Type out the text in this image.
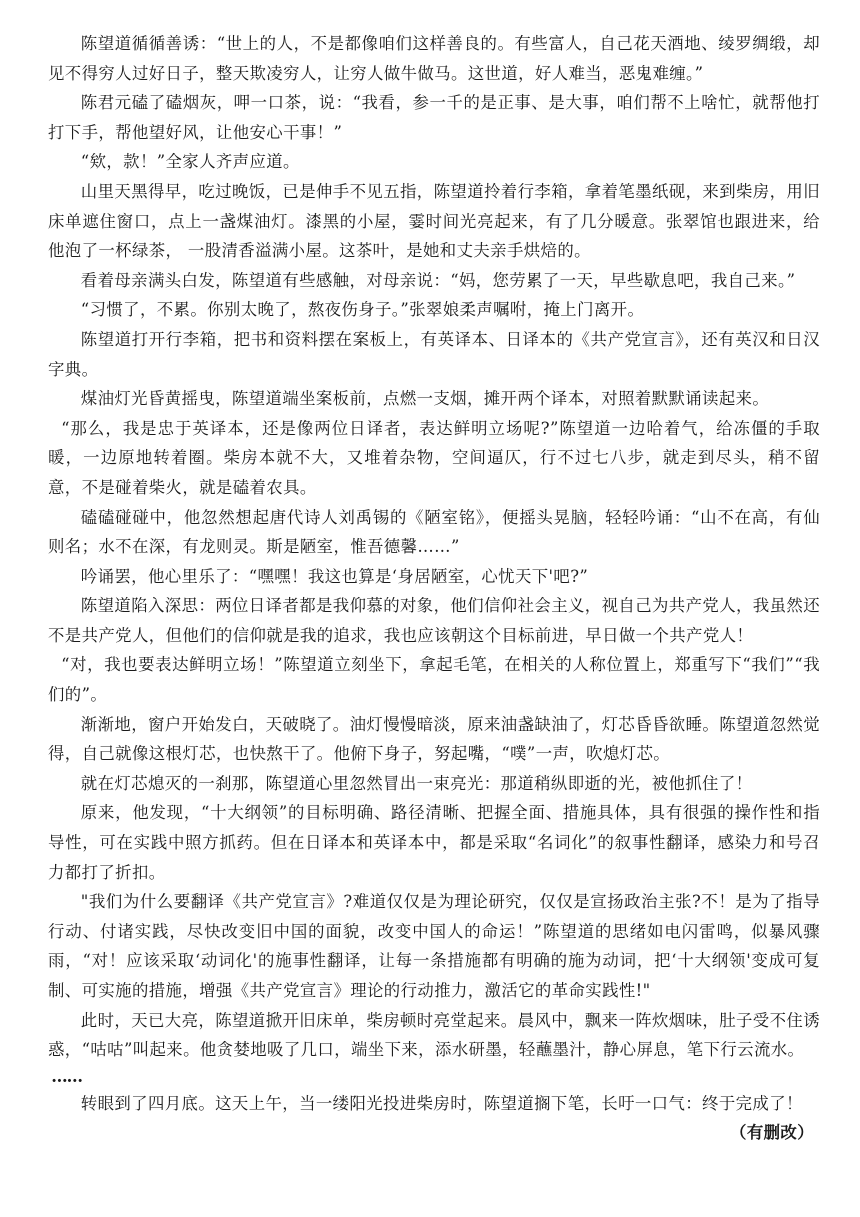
陈望道循循善诱：“世上的人，不是都像咱们这样善良的。有些富人，自己花天酒地、绫罗绸缎，却见不得穷人过好日子，整天欺凌穷人，让穷人做牛做马。这世道，好人难当，恶鬼难缠。”

陈君元磕了磕烟灰，呷一口茶，说：“我看，参一千的是正事、是大事，咱们帮不上啥忙，就帮他打打下手，帮他望好风，让他安心干事！”

“欸，款！”全家人齐声应道。

山里天黑得早，吃过晚饭，已是伸手不见五指，陈望道拎着行李箱，拿着笔墨纸砚，来到柴房，用旧床单遮住窗口，点上一盏煤油灯。漆黑的小屋，霎时间光亮起来，有了几分暖意。张翠馆也跟进来，给他泡了一杯绿茶， 一股清香溢满小屋。这茶叶，是她和丈夫亲手烘焙的。

看着母亲满头白发，陈望道有些感触，对母亲说：“妈，您劳累了一天，早些歇息吧，我自己来。”

“习惯了，不累。你别太晚了，熬夜伤身子。”张翠娘柔声嘱咐，掩上门离开。

陈望道打开行李箱，把书和资料摆在案板上，有英译本、日译本的《共产党宣言》，还有英汉和日汉字典。

煤油灯光昏黄摇曳，陈望道端坐案板前，点燃一支烟，摊开两个译本，对照着默默诵读起来。

“那么，我是忠于英译本，还是像两位日译者，表达鲜明立场呢?”陈望道一边哈着气，给冻僵的手取暖，一边原地转着圈。柴房本就不大，又堆着杂物，空间逼仄，行不过七八步，就走到尽头，稍不留意，不是碰着柴火，就是磕着农具。

磕磕碰碰中，他忽然想起唐代诗人刘禹锡的《陋室铭》，便摇头晃脑，轻轻吟诵：“山不在高，有仙则名；水不在深，有龙则灵。斯是陋室，惟吾德馨……”

吟诵罢，他心里乐了：“嘿嘿！我这也算是‘身居陋室，心忧天下'吧?”

陈望道陷入深思：两位日译者都是我仰慕的对象，他们信仰社会主义，视自己为共产党人，我虽然还不是共产党人，但他们的信仰就是我的追求，我也应该朝这个目标前进，早日做一个共产党人！

“对，我也要表达鲜明立场！”陈望道立刻坐下，拿起毛笔，在相关的人称位置上，郑重写下“我们”“我们的”。

渐渐地，窗户开始发白，天破晓了。油灯慢慢暗淡，原来油盏缺油了，灯芯昏昏欲睡。陈望道忽然觉得，自己就像这根灯芯，也快熬干了。他俯下身子，努起嘴，“噗”一声，吹熄灯芯。

就在灯芯熄灭的一刹那，陈望道心里忽然冒出一束亮光：那道稍纵即逝的光，被他抓住了！

原来，他发现，“十大纲领”的目标明确、路径清晰、把握全面、措施具体，具有很强的操作性和指导性，可在实践中照方抓药。但在日译本和英译本中，都是采取“名词化”的叙事性翻译，感染力和号召力都打了折扣。

"我们为什么要翻译《共产党宣言》?难道仅仅是为理论研究，仅仅是宣扬政治主张?不！是为了指导行动、付诸实践，尽快改变旧中国的面貌，改变中国人的命运！”陈望道的思绪如电闪雷鸣，似暴风骤雨，“对！应该采取‘动词化'的施事性翻译，让每一条措施都有明确的施为动词，把‘十大纲领'变成可复制、可实施的措施，增强《共产党宣言》理论的行动推力，激活它的革命实践性!"

此时，天已大亮，陈望道掀开旧床单，柴房顿时亮堂起来。晨风中，飘来一阵炊烟味，肚子受不住诱惑，“咕咕”叫起来。他贪婪地吸了几口，端坐下来，添水研墨，轻蘸墨汁，静心屏息，笔下行云流水。

……

转眼到了四月底。这天上午，当一缕阳光投进柴房时，陈望道搁下笔，长吁一口气：终于完成了！

（有删改）
